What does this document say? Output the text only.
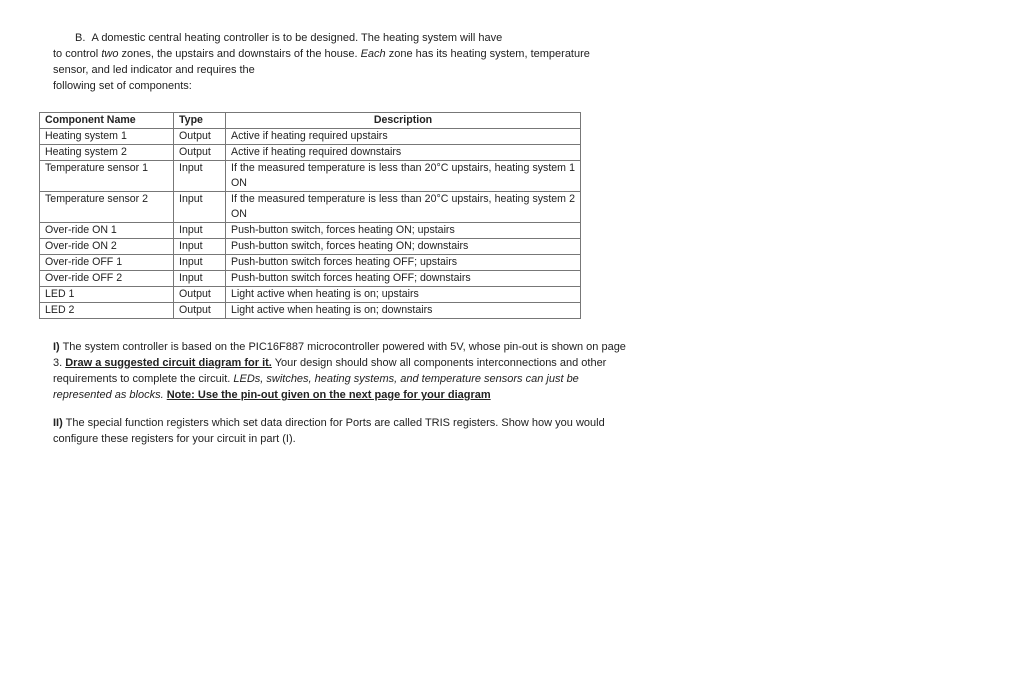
B. A domestic central heating controller is to be designed. The heating system will have

to control two zones, the upstairs and downstairs of the house. Each zone has its heating system, temperature

sensor, and led indicator and requires the

following set of components:

Component Name	Type	Description
Heating system 1	Output	Active if heating required upstairs
Heating system 2	Output	Active if heating required downstairs
Temperature sensor 1	Input	If the measured temperature is less than 20°C upstairs, heating system 1 ON
Temperature sensor 2	Input	If the measured temperature is less than 20°C upstairs, heating system 2 ON
Over-ride ON 1	Input	Push-button switch, forces heating ON; upstairs
Over-ride ON 2	Input	Push-button switch, forces heating ON; downstairs
Over-ride OFF 1	Input	Push-button switch forces heating OFF; upstairs
Over-ride OFF 2	Input	Push-button switch forces heating OFF; downstairs
LED 1	Output	Light active when heating is on; upstairs
LED 2	Output	Light active when heating is on; downstairs

I) The system controller is based on the PIC16F887 microcontroller powered with 5V, whose pin-out is shown on page 3. Draw a suggested circuit diagram for it. Your design should show all components interconnections and other requirements to complete the circuit. LEDs, switches, heating systems, and temperature sensors can just be represented as blocks. Note: Use the pin-out given on the next page for your diagram

II) The special function registers which set data direction for Ports are called TRIS registers. Show how you would configure these registers for your circuit in part (I).
